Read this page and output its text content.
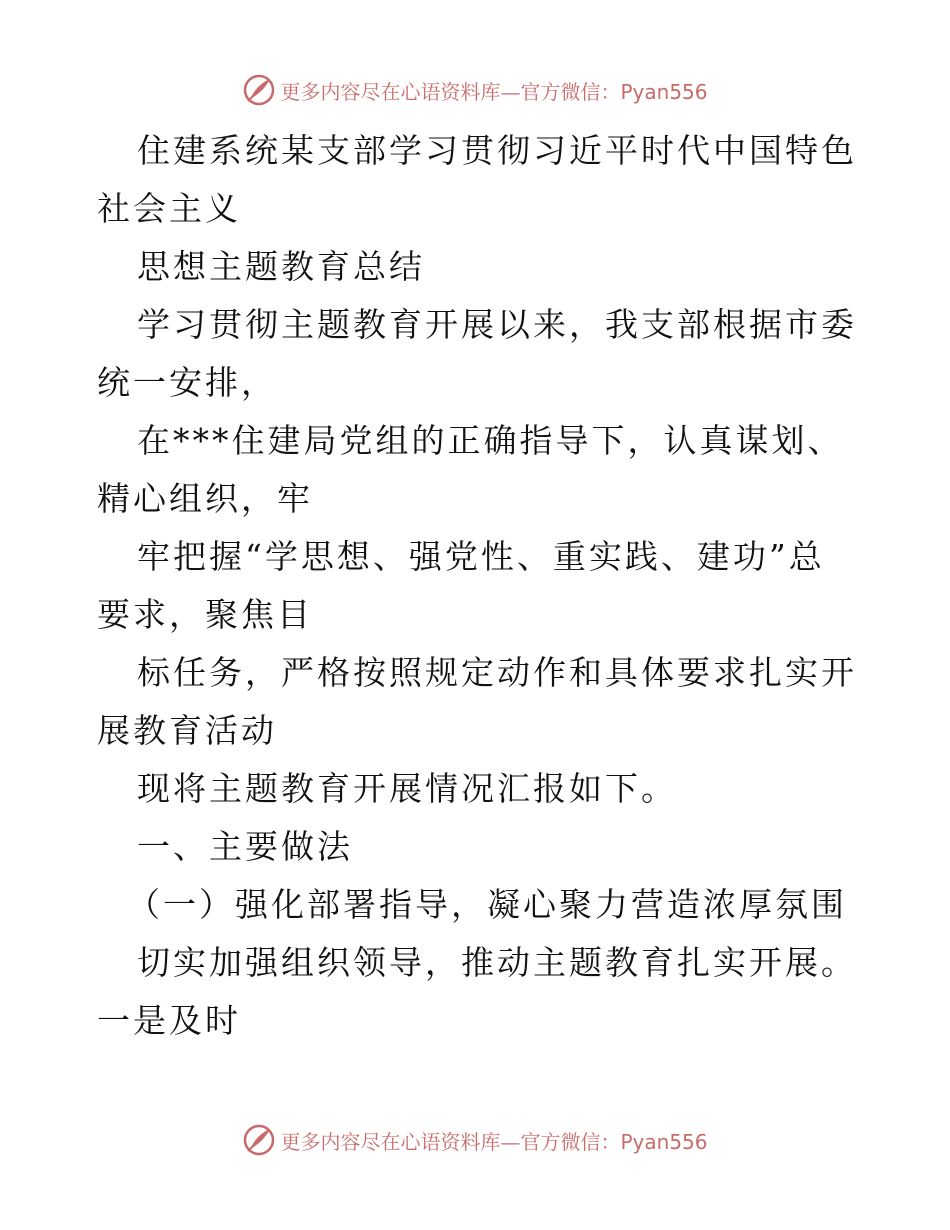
更多内容尽在心语资料库—官方微信：Pyan556

住建系统某支部学习贯彻习近平时代中国特色社会主义

思想主题教育总结

学习贯彻主题教育开展以来，我支部根据市委统一安排，

在***住建局党组的正确指导下，认真谋划、精心组织，牢

牢把握“学思想、强党性、重实践、建功”总要求，聚焦目

标任务，严格按照规定动作和具体要求扎实开展教育活动

现将主题教育开展情况汇报如下。

一、主要做法

（一）强化部署指导，凝心聚力营造浓厚氛围

切实加强组织领导，推动主题教育扎实开展。一是及时

更多内容尽在心语资料库—官方微信：Pyan556
